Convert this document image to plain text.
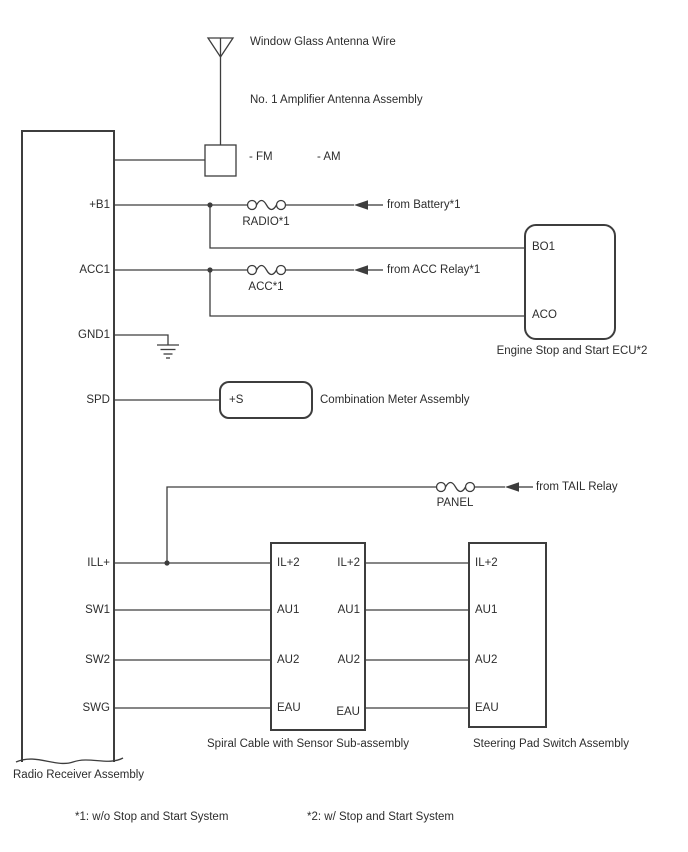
Window Glass Antenna Wire
No. 1 Amplifier Antenna Assembly
- FM	- AM
+B1
ACC1
GND1
SPD
ILL+
SW1
SW2
SWG
RADIO*1
from Battery*1
ACC*1
from ACC Relay*1
PANEL
from TAIL Relay
BO1
ACO
Engine Stop and Start ECU*2
+S	Combination Meter Assembly
IL+2
AU1
AU2
EAU
IL+2
AU1
AU2
EAU
IL+2
AU1
AU2
EAU
Spiral Cable with Sensor Sub-assembly	Steering Pad Switch Assembly
Radio Receiver Assembly
*1: w/o Stop and Start System	*2: w/ Stop and Start System
